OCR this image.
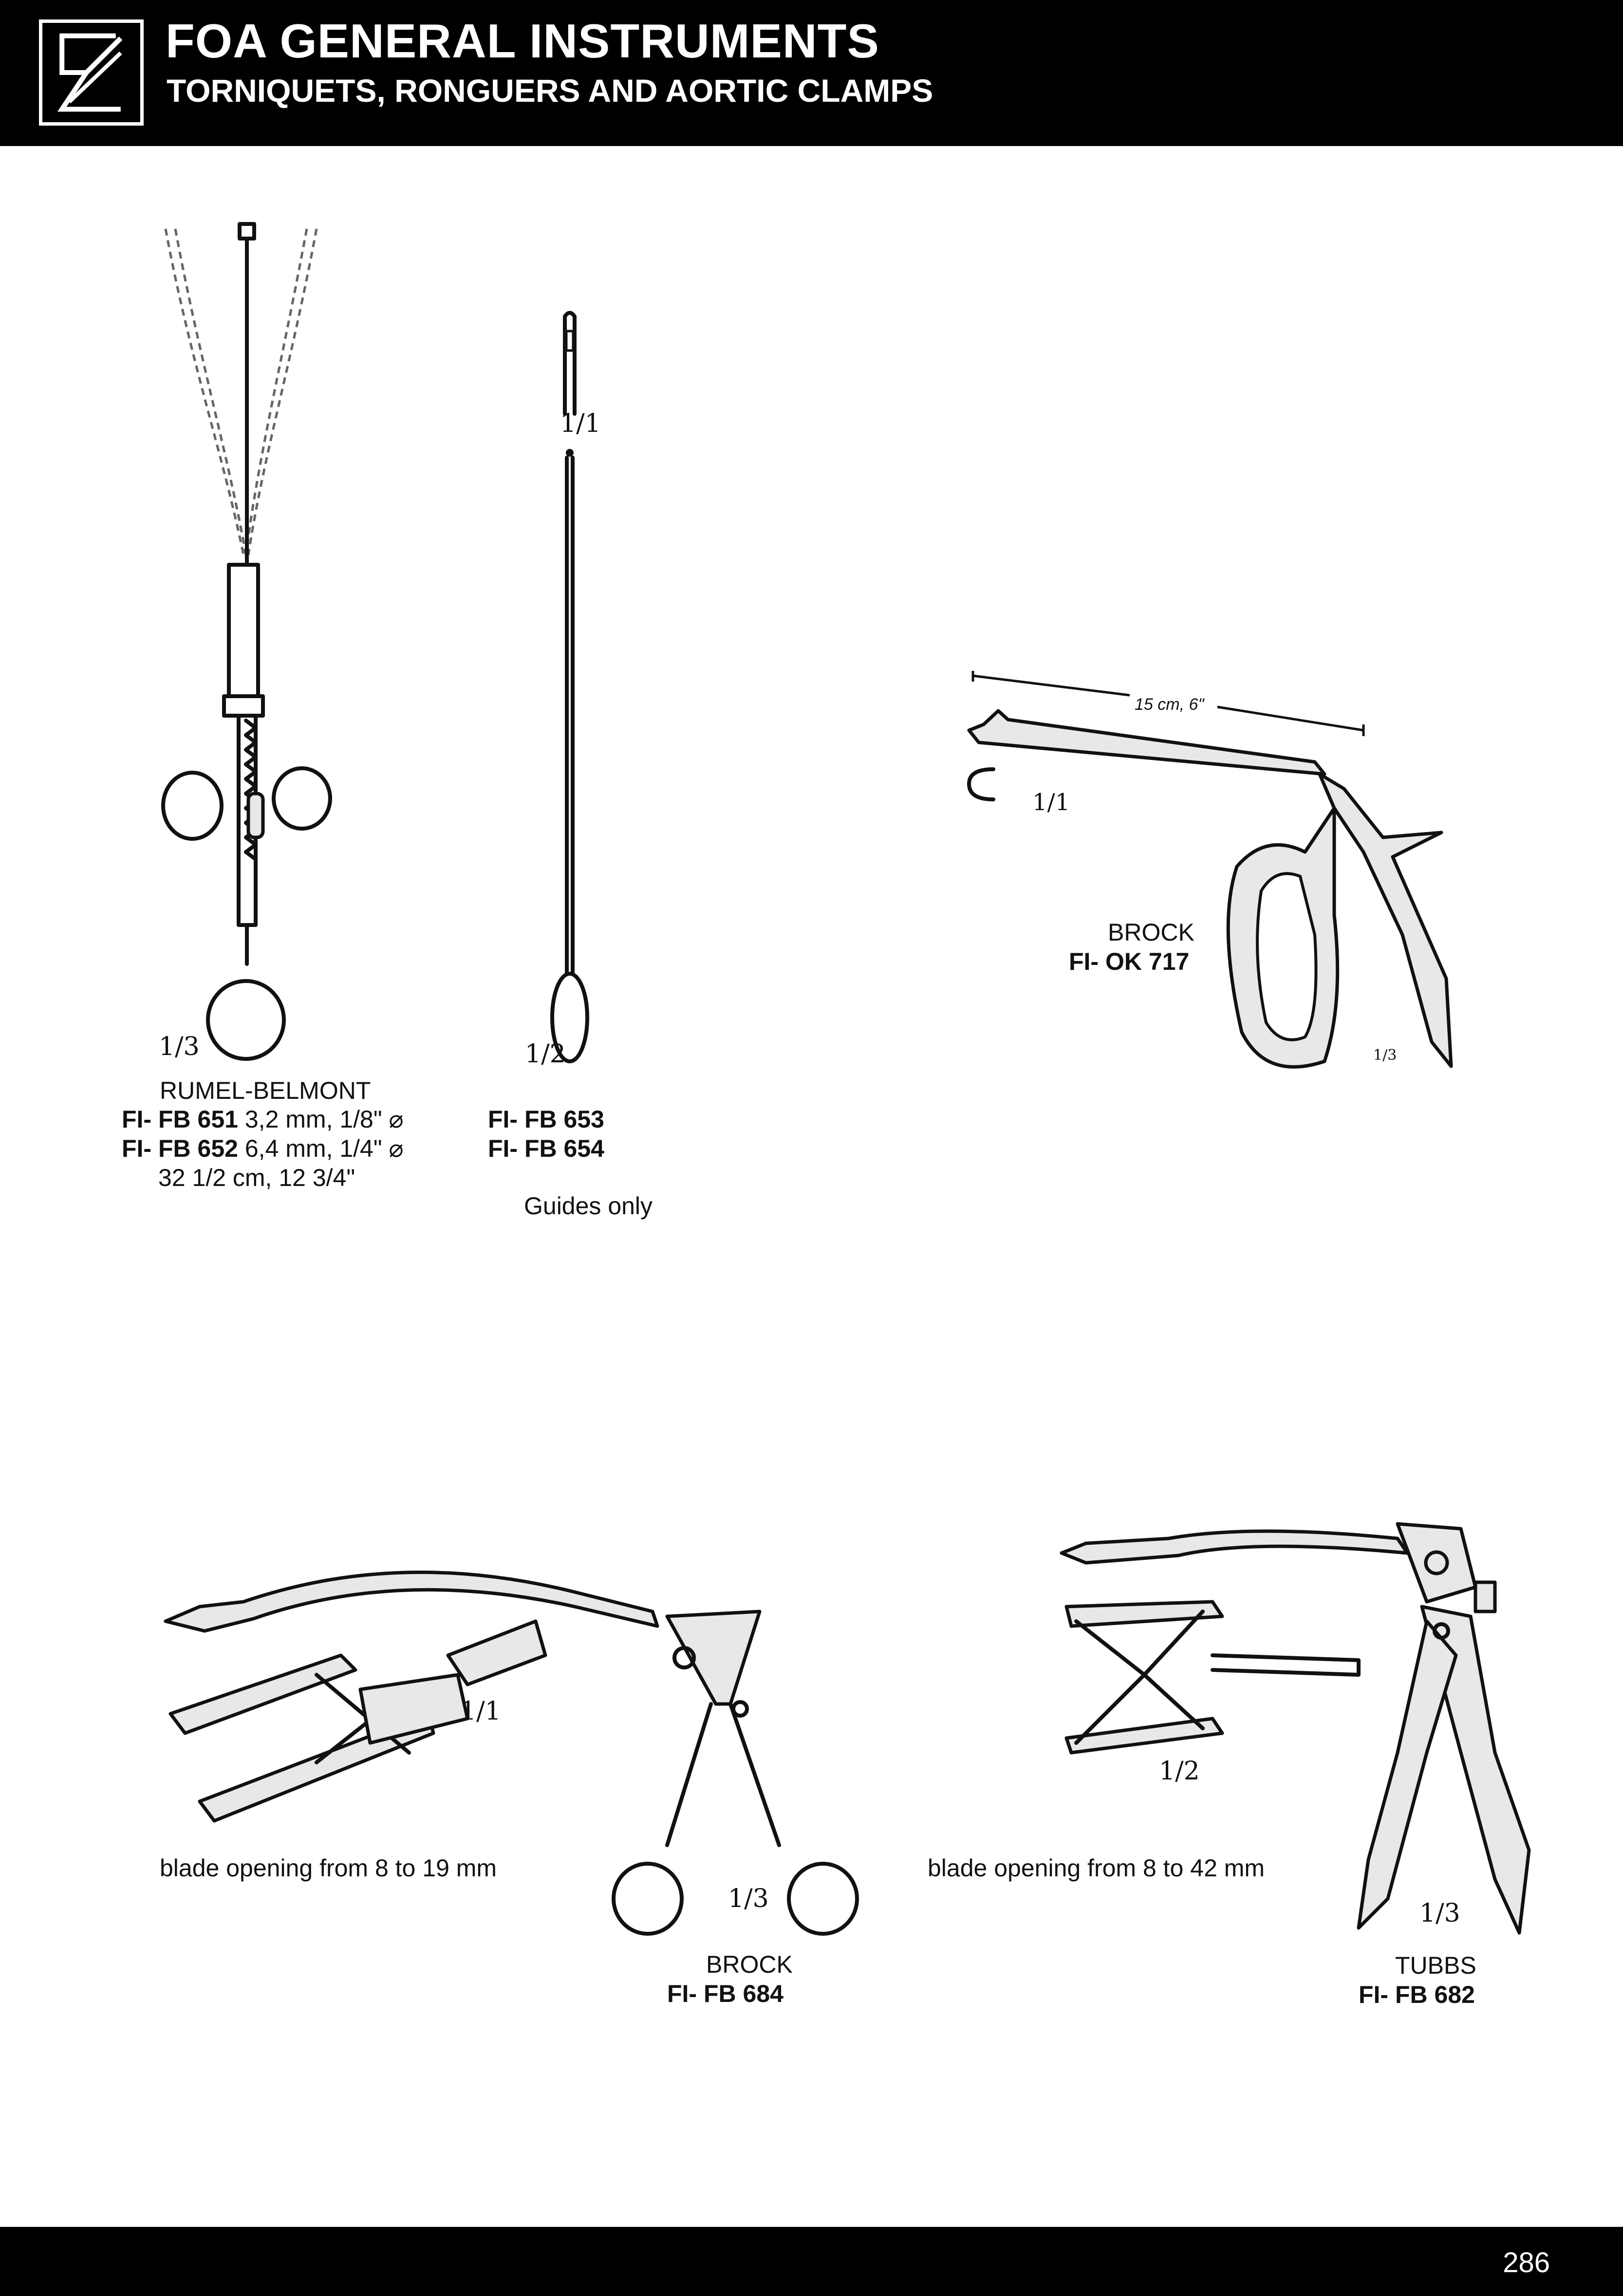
FOA GENERAL INSTRUMENTS
TORNIQUETS, RONGUERS AND AORTIC CLAMPS
1/3
RUMEL-BELMONT
FI- FB 651 3,2 mm, 1/8" ⌀
FI- FB 652 6,4 mm, 1/4" ⌀
32 1/2 cm, 12 3/4"
1/1
1/2
FI- FB 653
FI- FB 654
Guides only
15 cm, 6"
1/1
1/3
BROCK
FI- OK 717
1/1
1/3
blade opening from 8 to 19 mm
BROCK
FI- FB 684
1/2
1/3
blade opening from 8 to 42 mm
TUBBS
FI- FB 682
286
